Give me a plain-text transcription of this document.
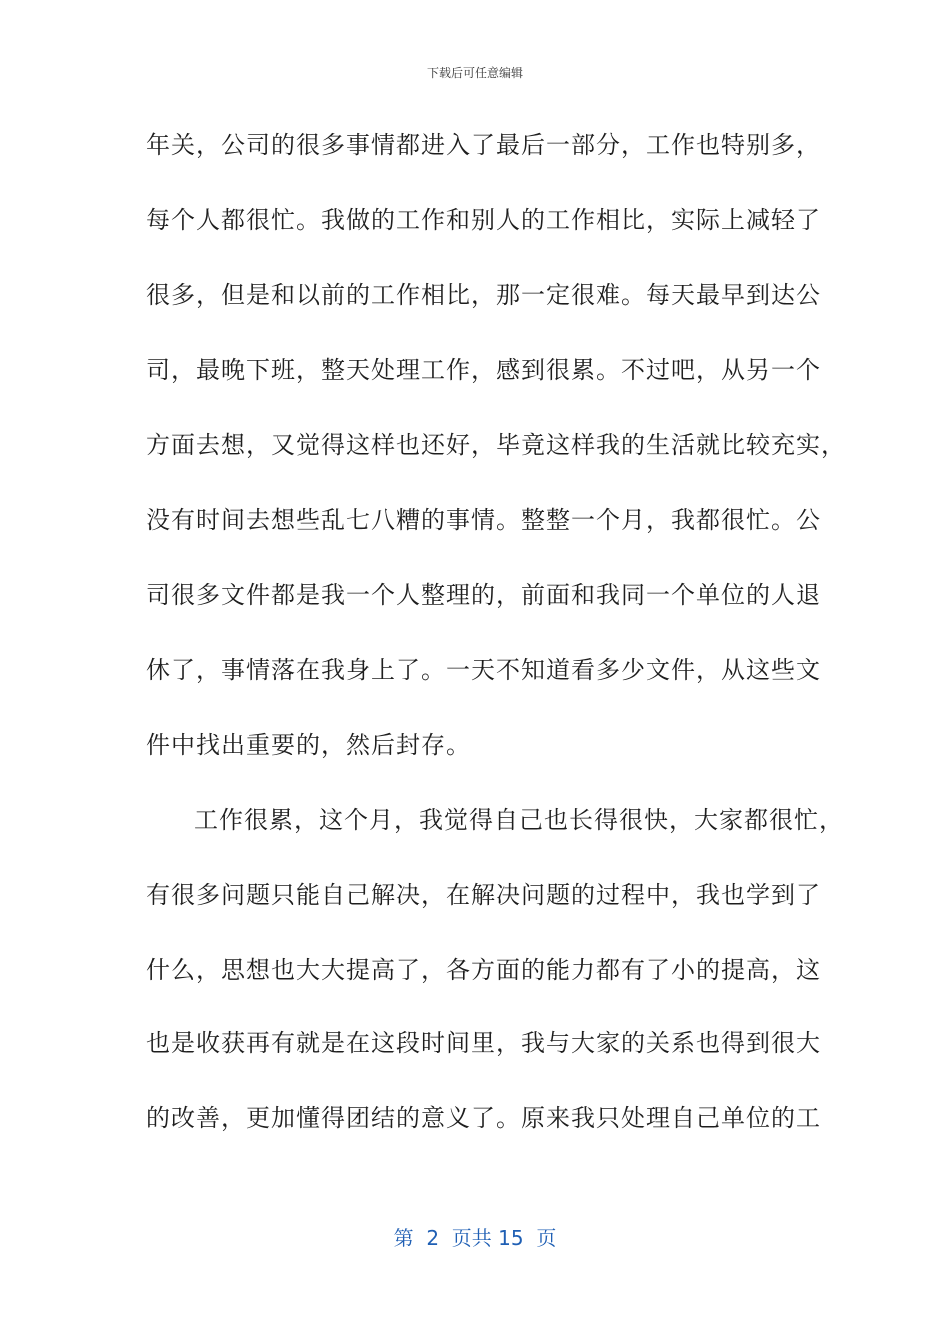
下载后可任意编辑
年关，公司的很多事情都进入了最后一部分，工作也特别多，
每个人都很忙。我做的工作和别人的工作相比，实际上减轻了
很多，但是和以前的工作相比，那一定很难。每天最早到达公
司，最晚下班，整天处理工作，感到很累。不过吧，从另一个
方面去想，又觉得这样也还好，毕竟这样我的生活就比较充实，
没有时间去想些乱七八糟的事情。整整一个月，我都很忙。公
司很多文件都是我一个人整理的，前面和我同一个单位的人退
休了，事情落在我身上了。一天不知道看多少文件，从这些文
件中找出重要的，然后封存。
工作很累，这个月，我觉得自己也长得很快，大家都很忙，
有很多问题只能自己解决，在解决问题的过程中，我也学到了
什么，思想也大大提高了，各方面的能力都有了小的提高，这
也是收获再有就是在这段时间里，我与大家的关系也得到很大
的改善，更加懂得团结的意义了。原来我只处理自己单位的工
第  2  页共 15  页
